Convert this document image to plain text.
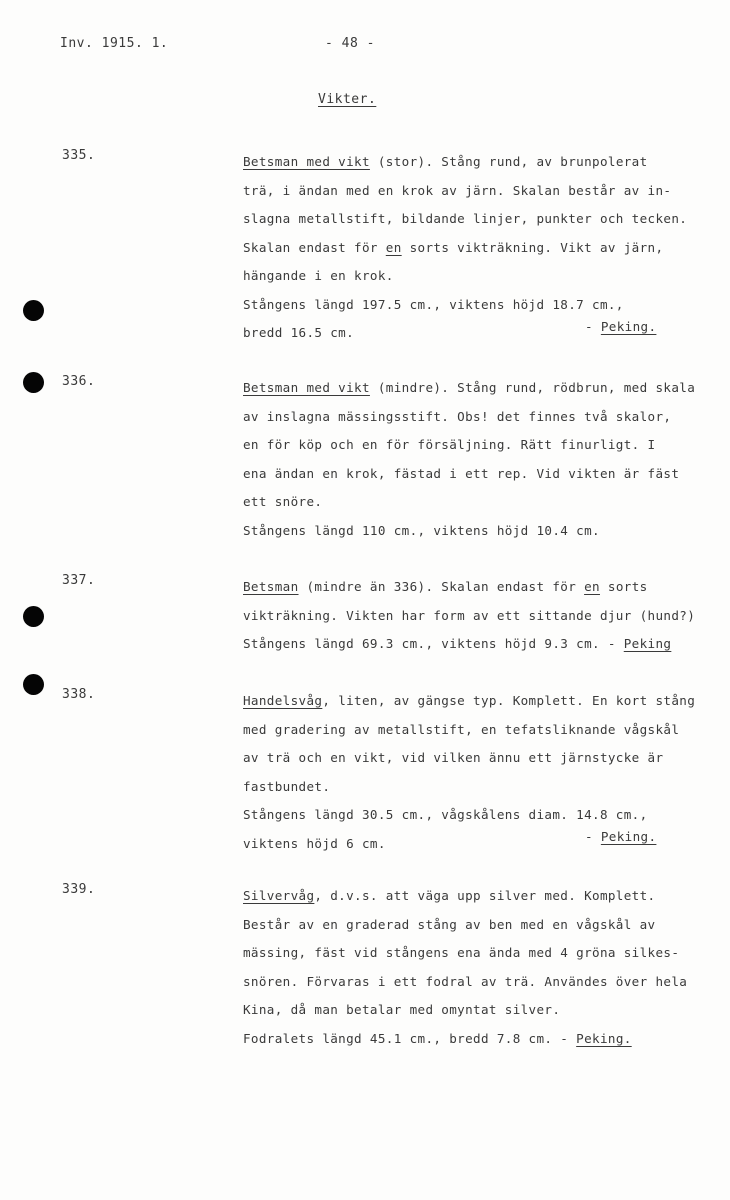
Inv. 1915. 1.	- 48 -
Vikter.
335.	Betsman med vikt (stor). Stång rund, av brunpolerat
trä, i ändan med en krok av järn. Skalan består av in-
slagna metallstift, bildande linjer, punkter och tecken.
Skalan endast för en sorts vikträkning. Vikt av järn,
hängande i en krok.
Stångens längd 197.5 cm., viktens höjd 18.7 cm.,
bredd 16.5 cm.	- Peking.
336.	Betsman med vikt (mindre). Stång rund, rödbrun, med skala
av inslagna mässingsstift. Obs! det finnes två skalor,
en för köp och en för försäljning. Rätt finurligt. I
ena ändan en krok, fästad i ett rep. Vid vikten är fäst
ett snöre.
Stångens längd 110 cm., viktens höjd 10.4 cm.
337.	Betsman (mindre än 336). Skalan endast för en sorts
vikträkning. Vikten har form av ett sittande djur (hund?)
Stångens längd 69.3 cm., viktens höjd 9.3 cm. - Peking
338.	Handelsvåg, liten, av gängse typ. Komplett. En kort stång
med gradering av metallstift, en tefatsliknande vågskål
av trä och en vikt, vid vilken ännu ett järnstycke är
fastbundet.
Stångens längd 30.5 cm., vågskålens diam. 14.8 cm.,
viktens höjd 6 cm.	- Peking.
339.	Silvervåg, d.v.s. att väga upp silver med. Komplett.
Består av en graderad stång av ben med en vågskål av
mässing, fäst vid stångens ena ända med 4 gröna silkes-
snören. Förvaras i ett fodral av trä. Användes över hela
Kina, då man betalar med omyntat silver.
Fodralets längd 45.1 cm., bredd 7.8 cm. - Peking.
